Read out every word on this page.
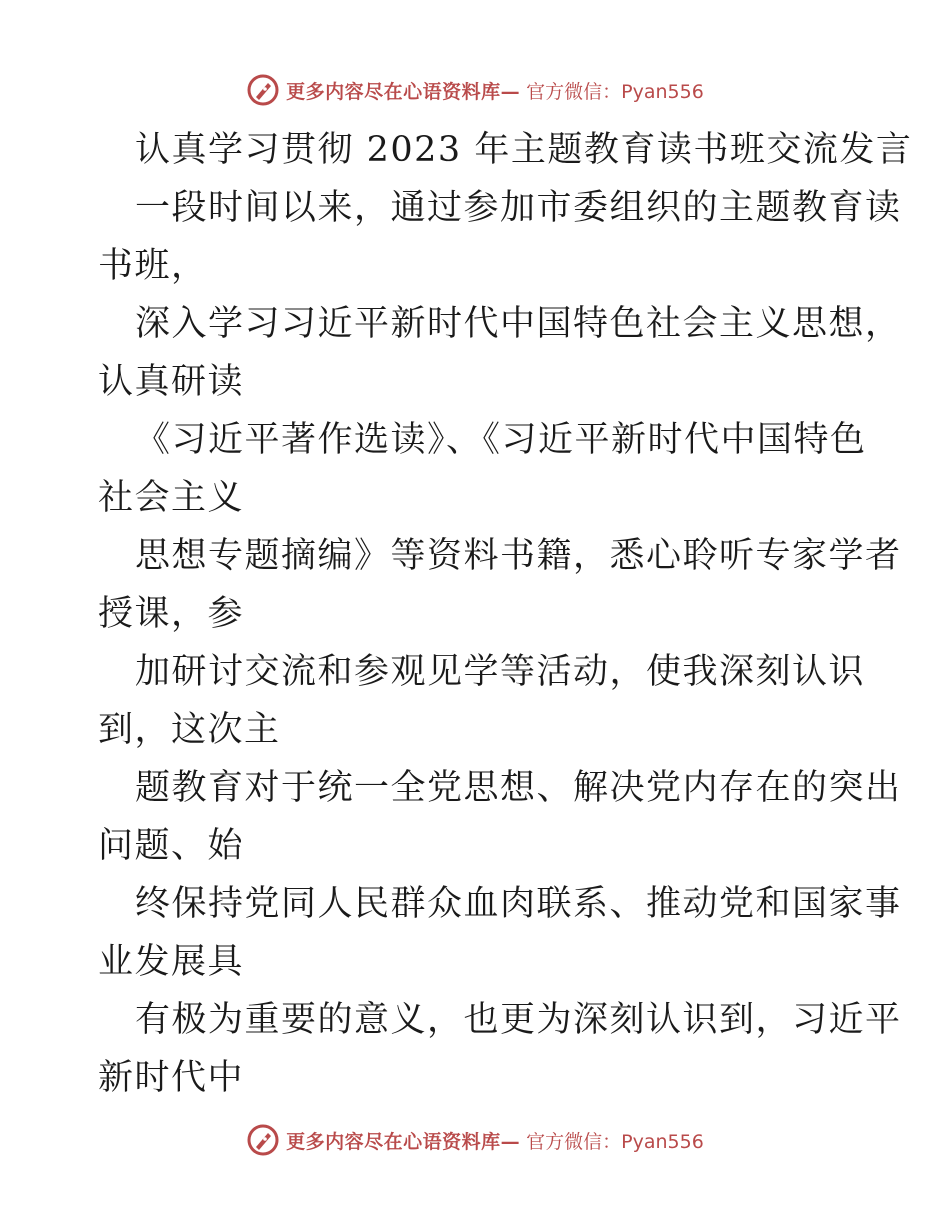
更多内容尽在心语资料库— 官方微信：Pyan556
认真学习贯彻 2023 年主题教育读书班交流发言
一段时间以来，通过参加市委组织的主题教育读
书班，
深入学习习近平新时代中国特色社会主义思想，
认真研读
《习近平著作选读》、《习近平新时代中国特色
社会主义
思想专题摘编》等资料书籍，悉心聆听专家学者
授课，参
加研讨交流和参观见学等活动，使我深刻认识
到，这次主
题教育对于统一全党思想、解决党内存在的突出
问题、始
终保持党同人民群众血肉联系、推动党和国家事
业发展具
有极为重要的意义，也更为深刻认识到，习近平
新时代中
更多内容尽在心语资料库— 官方微信：Pyan556
